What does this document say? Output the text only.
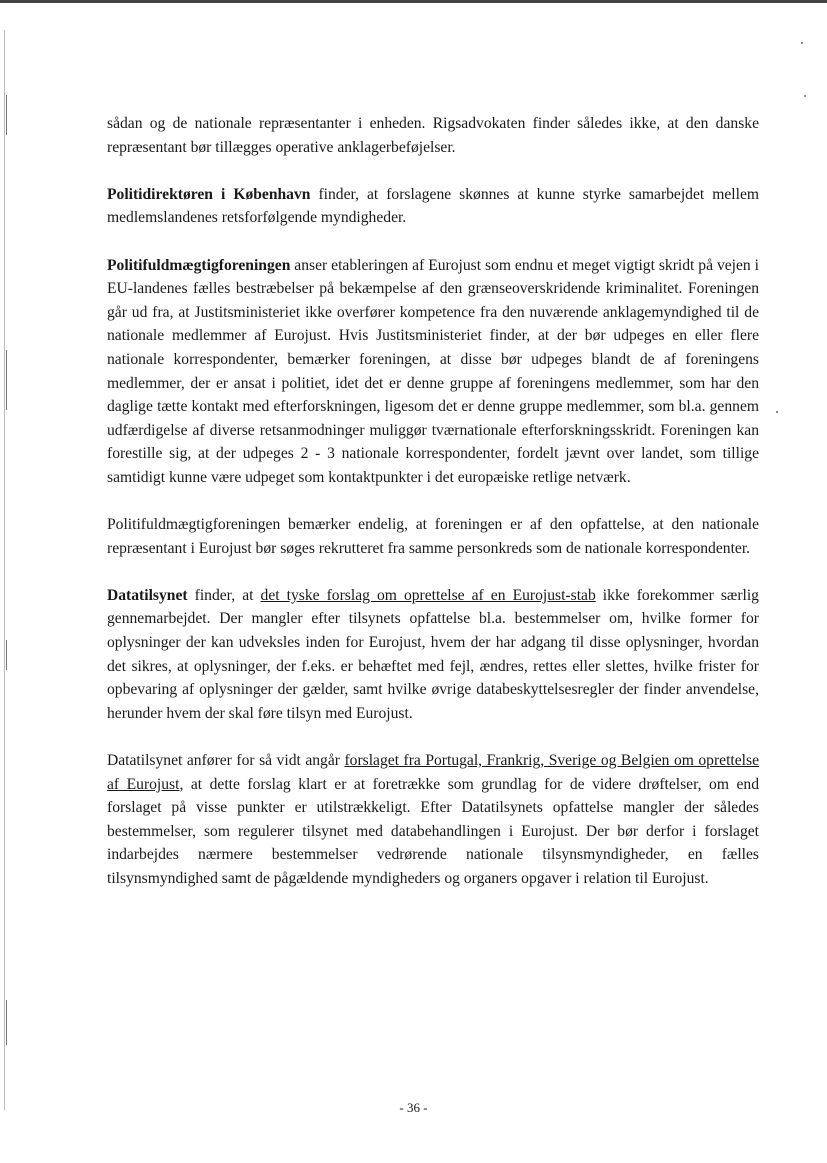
sådan og de nationale repræsentanter i enheden. Rigsadvokaten finder således ikke, at den danske repræsentant bør tillægges operative anklagerbeføjelser.

Politidirektøren i København finder, at forslagene skønnes at kunne styrke samarbejdet mellem medlemslandenes retsforfølgende myndigheder.

Politifuldmægtigforeningen anser etableringen af Eurojust som endnu et meget vigtigt skridt på vejen i EU-landenes fælles bestræbelser på bekæmpelse af den grænseoverskridende kriminalitet. Foreningen går ud fra, at Justitsministeriet ikke overfører kompetence fra den nuværende anklagemyndighed til de nationale medlemmer af Eurojust. Hvis Justitsministeriet finder, at der bør udpeges en eller flere nationale korrespondenter, bemærker foreningen, at disse bør udpeges blandt de af foreningens medlemmer, der er ansat i politiet, idet det er denne gruppe af foreningens medlemmer, som har den daglige tætte kontakt med efterforskningen, ligesom det er denne gruppe medlemmer, som bl.a. gennem udfærdigelse af diverse retsanmodninger muliggør tværnationale efterforskningsskridt. Foreningen kan forestille sig, at der udpeges 2 - 3 nationale korrespondenter, fordelt jævnt over landet, som tillige samtidigt kunne være udpeget som kontaktpunkter i det europæiske retlige netværk.

Politifuldmægtigforeningen bemærker endelig, at foreningen er af den opfattelse, at den nationale repræsentant i Eurojust bør søges rekrutteret fra samme personkreds som de nationale korrespondenter.

Datatilsynet finder, at det tyske forslag om oprettelse af en Eurojust-stab ikke forekommer særlig gennemarbejdet. Der mangler efter tilsynets opfattelse bl.a. bestemmelser om, hvilke former for oplysninger der kan udveksles inden for Eurojust, hvem der har adgang til disse oplysninger, hvordan det sikres, at oplysninger, der f.eks. er behæftet med fejl, ændres, rettes eller slettes, hvilke frister for opbevaring af oplysninger der gælder, samt hvilke øvrige databeskyttelsesregler der finder anvendelse, herunder hvem der skal føre tilsyn med Eurojust.

Datatilsynet anfører for så vidt angår forslaget fra Portugal, Frankrig, Sverige og Belgien om oprettelse af Eurojust, at dette forslag klart er at foretrække som grundlag for de videre drøftelser, om end forslaget på visse punkter er utilstrækkeligt. Efter Datatilsynets opfattelse mangler der således bestemmelser, som regulerer tilsynet med databehandlingen i Eurojust. Der bør derfor i forslaget indarbejdes nærmere bestemmelser vedrørende nationale tilsynsmyndigheder, en fælles tilsynsmyndighed samt de pågældende myndigheders og organers opgaver i relation til Eurojust.

- 36 -
